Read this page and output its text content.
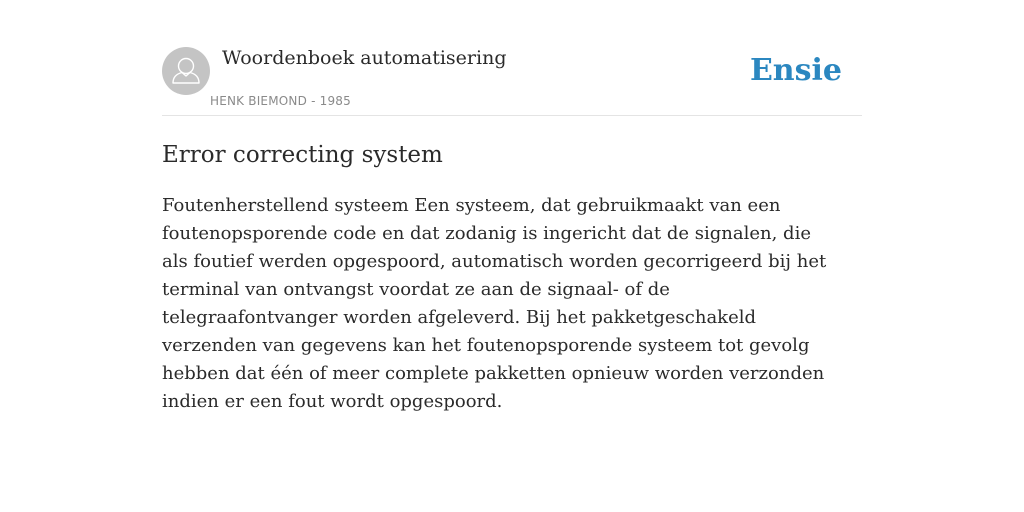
Woordenboek automatisering
HENK BIEMOND - 1985
Ensie
Error correcting system

Foutenherstellend systeem Een systeem, dat gebruikmaakt van een foutenopsporende code en dat zodanig is ingericht dat de signalen, die als foutief werden opgespoord, automatisch worden gecorrigeerd bij het terminal van ontvangst voordat ze aan de signaal- of de telegraafontvanger worden afgeleverd. Bij het pakketgeschakeld verzenden van gegevens kan het foutenopsporende systeem tot gevolg hebben dat één of meer complete pakketten opnieuw worden verzonden indien er een fout wordt opgespoord.
